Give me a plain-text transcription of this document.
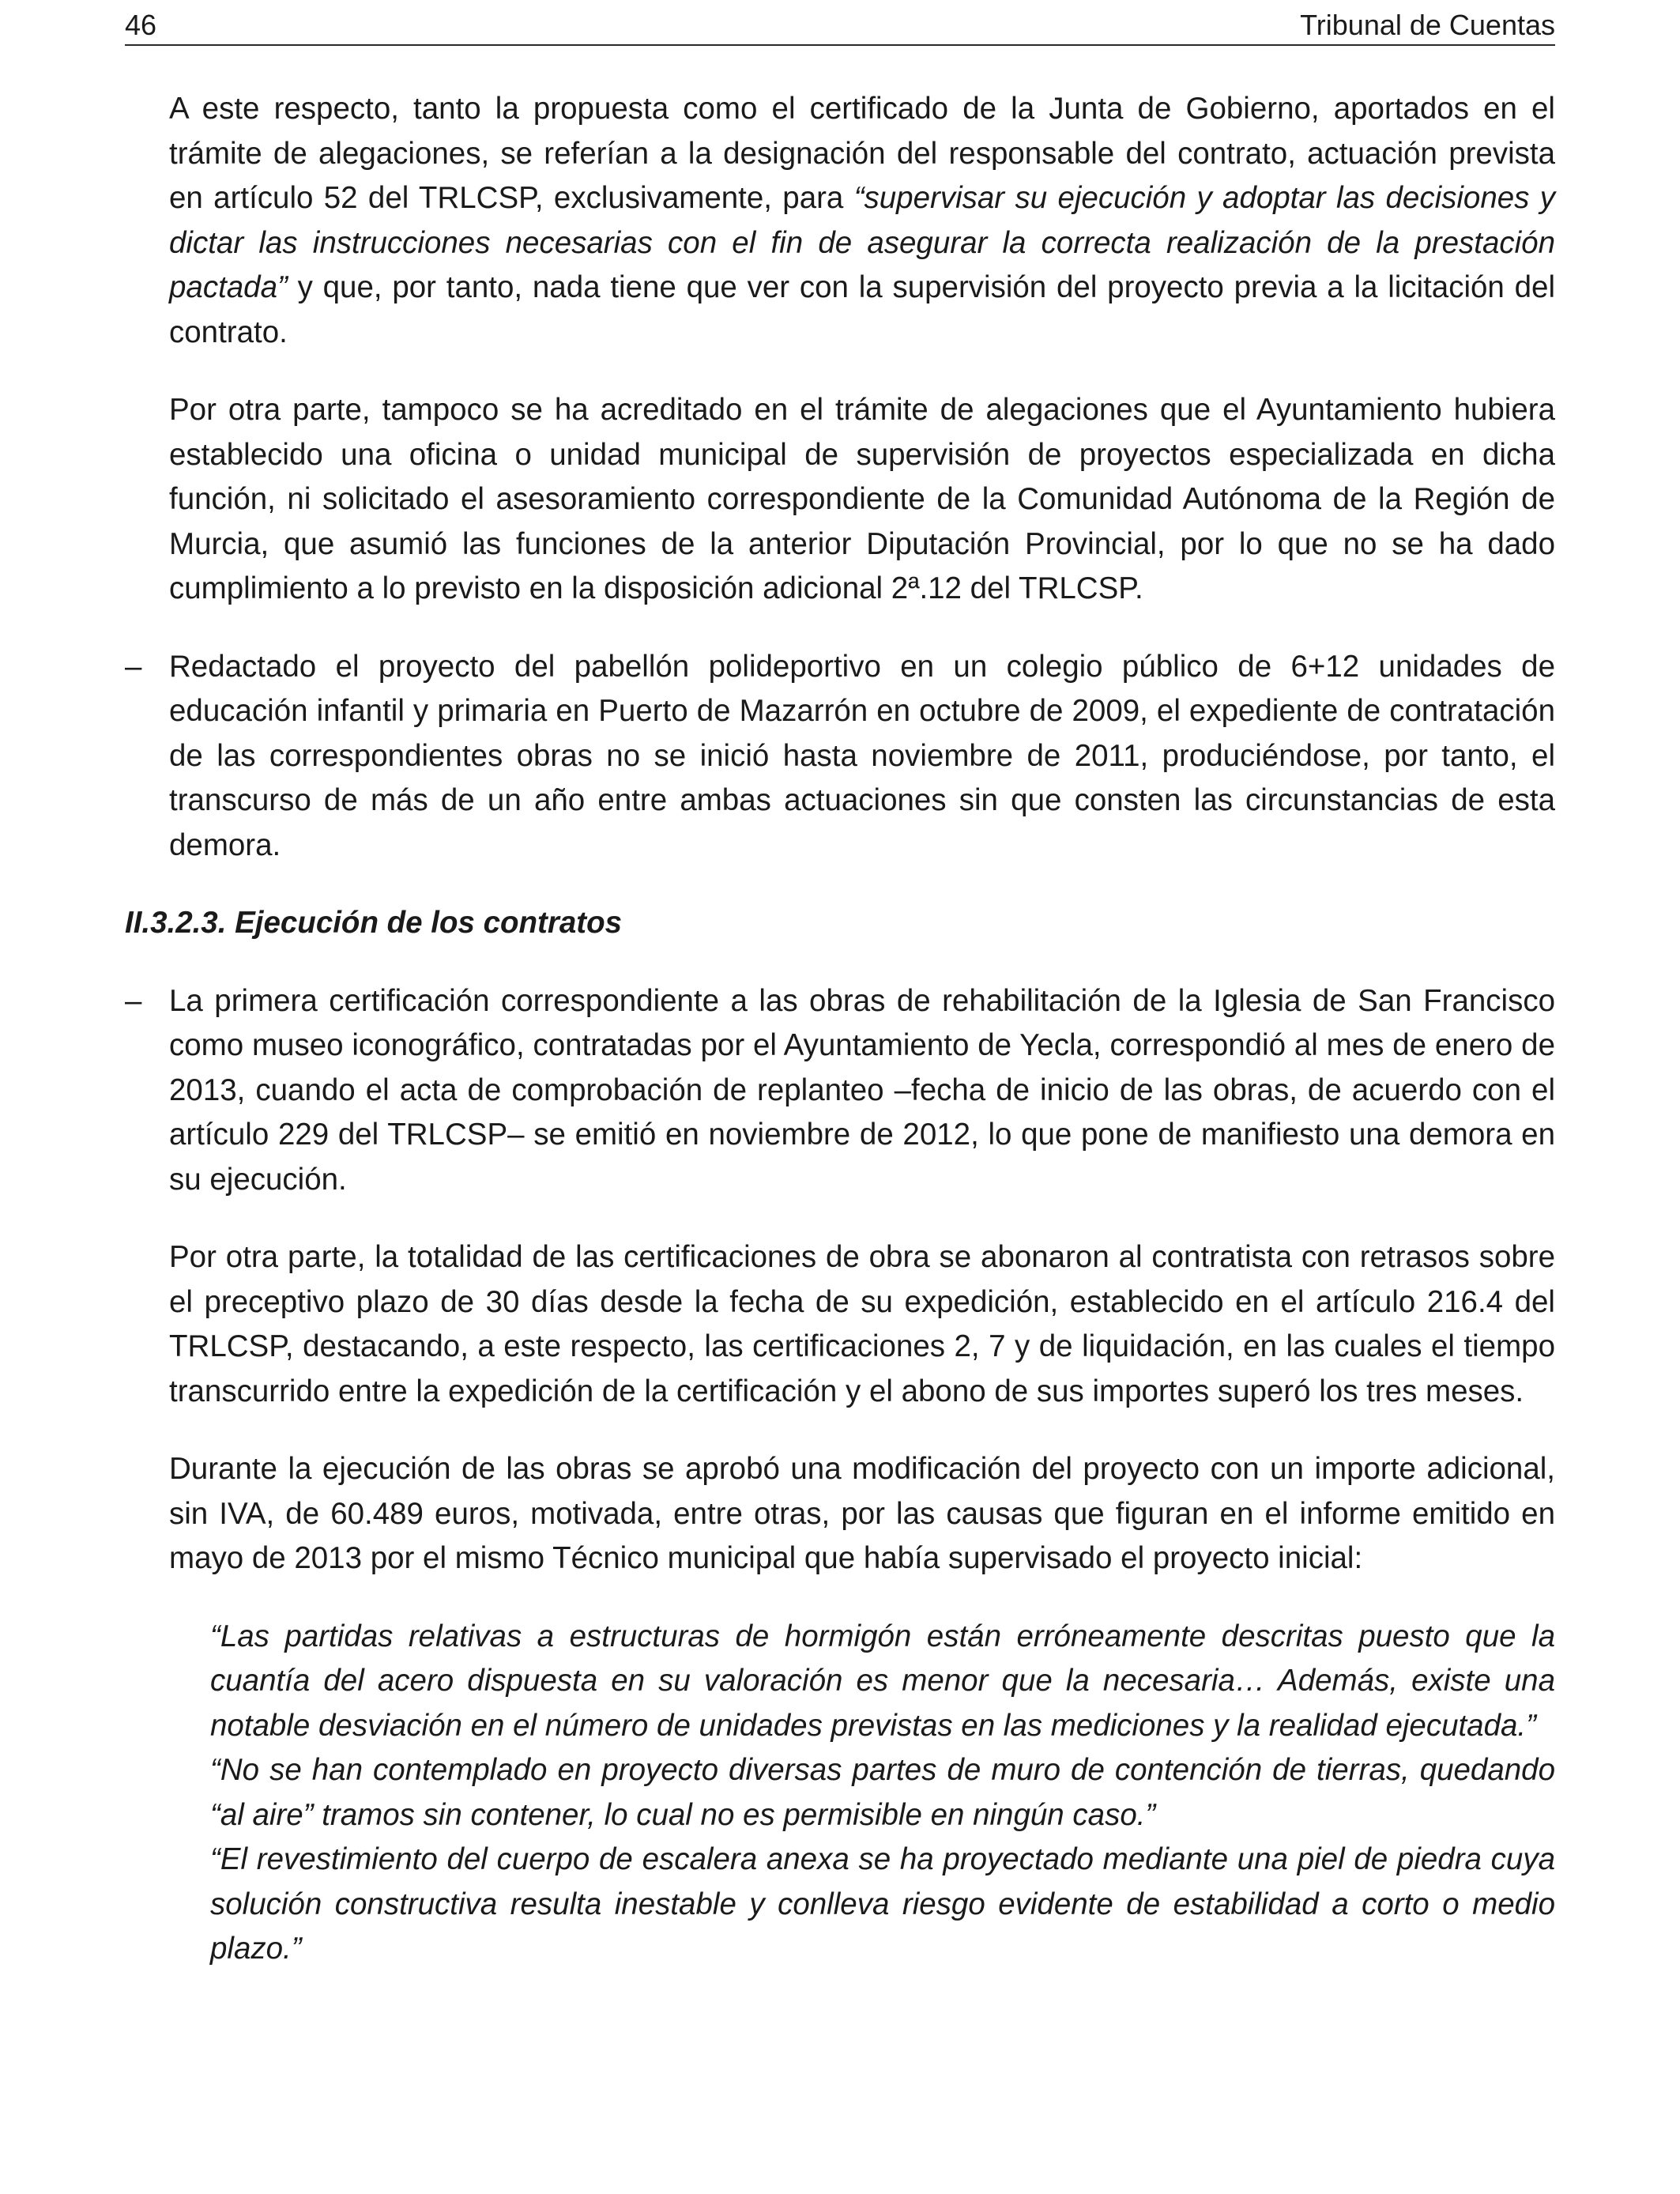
46	Tribunal de Cuentas

A este respecto, tanto la propuesta como el certificado de la Junta de Gobierno, aportados en el trámite de alegaciones, se referían a la designación del responsable del contrato, actuación prevista en artículo 52 del TRLCSP, exclusivamente, para “supervisar su ejecución y adoptar las decisiones y dictar las instrucciones necesarias con el fin de asegurar la correcta realización de la prestación pactada” y que, por tanto, nada tiene que ver con la supervisión del proyecto previa a la licitación del contrato.

Por otra parte, tampoco se ha acreditado en el trámite de alegaciones que el Ayuntamiento hubiera establecido una oficina o unidad municipal de supervisión de proyectos especializada en dicha función, ni solicitado el asesoramiento correspondiente de la Comunidad Autónoma de la Región de Murcia, que asumió las funciones de la anterior Diputación Provincial, por lo que no se ha dado cumplimiento a lo previsto en la disposición adicional 2ª.12 del TRLCSP.

– Redactado el proyecto del pabellón polideportivo en un colegio público de 6+12 unidades de educación infantil y primaria en Puerto de Mazarrón en octubre de 2009, el expediente de contratación de las correspondientes obras no se inició hasta noviembre de 2011, produciéndose, por tanto, el transcurso de más de un año entre ambas actuaciones sin que consten las circunstancias de esta demora.

II.3.2.3. Ejecución de los contratos

– La primera certificación correspondiente a las obras de rehabilitación de la Iglesia de San Francisco como museo iconográfico, contratadas por el Ayuntamiento de Yecla, correspondió al mes de enero de 2013, cuando el acta de comprobación de replanteo –fecha de inicio de las obras, de acuerdo con el artículo 229 del TRLCSP– se emitió en noviembre de 2012, lo que pone de manifiesto una demora en su ejecución.

Por otra parte, la totalidad de las certificaciones de obra se abonaron al contratista con retrasos sobre el preceptivo plazo de 30 días desde la fecha de su expedición, establecido en el artículo 216.4 del TRLCSP, destacando, a este respecto, las certificaciones 2, 7 y de liquidación, en las cuales el tiempo transcurrido entre la expedición de la certificación y el abono de sus importes superó los tres meses.

Durante la ejecución de las obras se aprobó una modificación del proyecto con un importe adicional, sin IVA, de 60.489 euros, motivada, entre otras, por las causas que figuran en el informe emitido en mayo de 2013 por el mismo Técnico municipal que había supervisado el proyecto inicial:

“Las partidas relativas a estructuras de hormigón están erróneamente descritas puesto que la cuantía del acero dispuesta en su valoración es menor que la necesaria… Además, existe una notable desviación en el número de unidades previstas en las mediciones y la realidad ejecutada.”

“No se han contemplado en proyecto diversas partes de muro de contención de tierras, quedando “al aire” tramos sin contener, lo cual no es permisible en ningún caso.”

“El revestimiento del cuerpo de escalera anexa se ha proyectado mediante una piel de piedra cuya solución constructiva resulta inestable y conlleva riesgo evidente de estabilidad a corto o medio plazo.”
